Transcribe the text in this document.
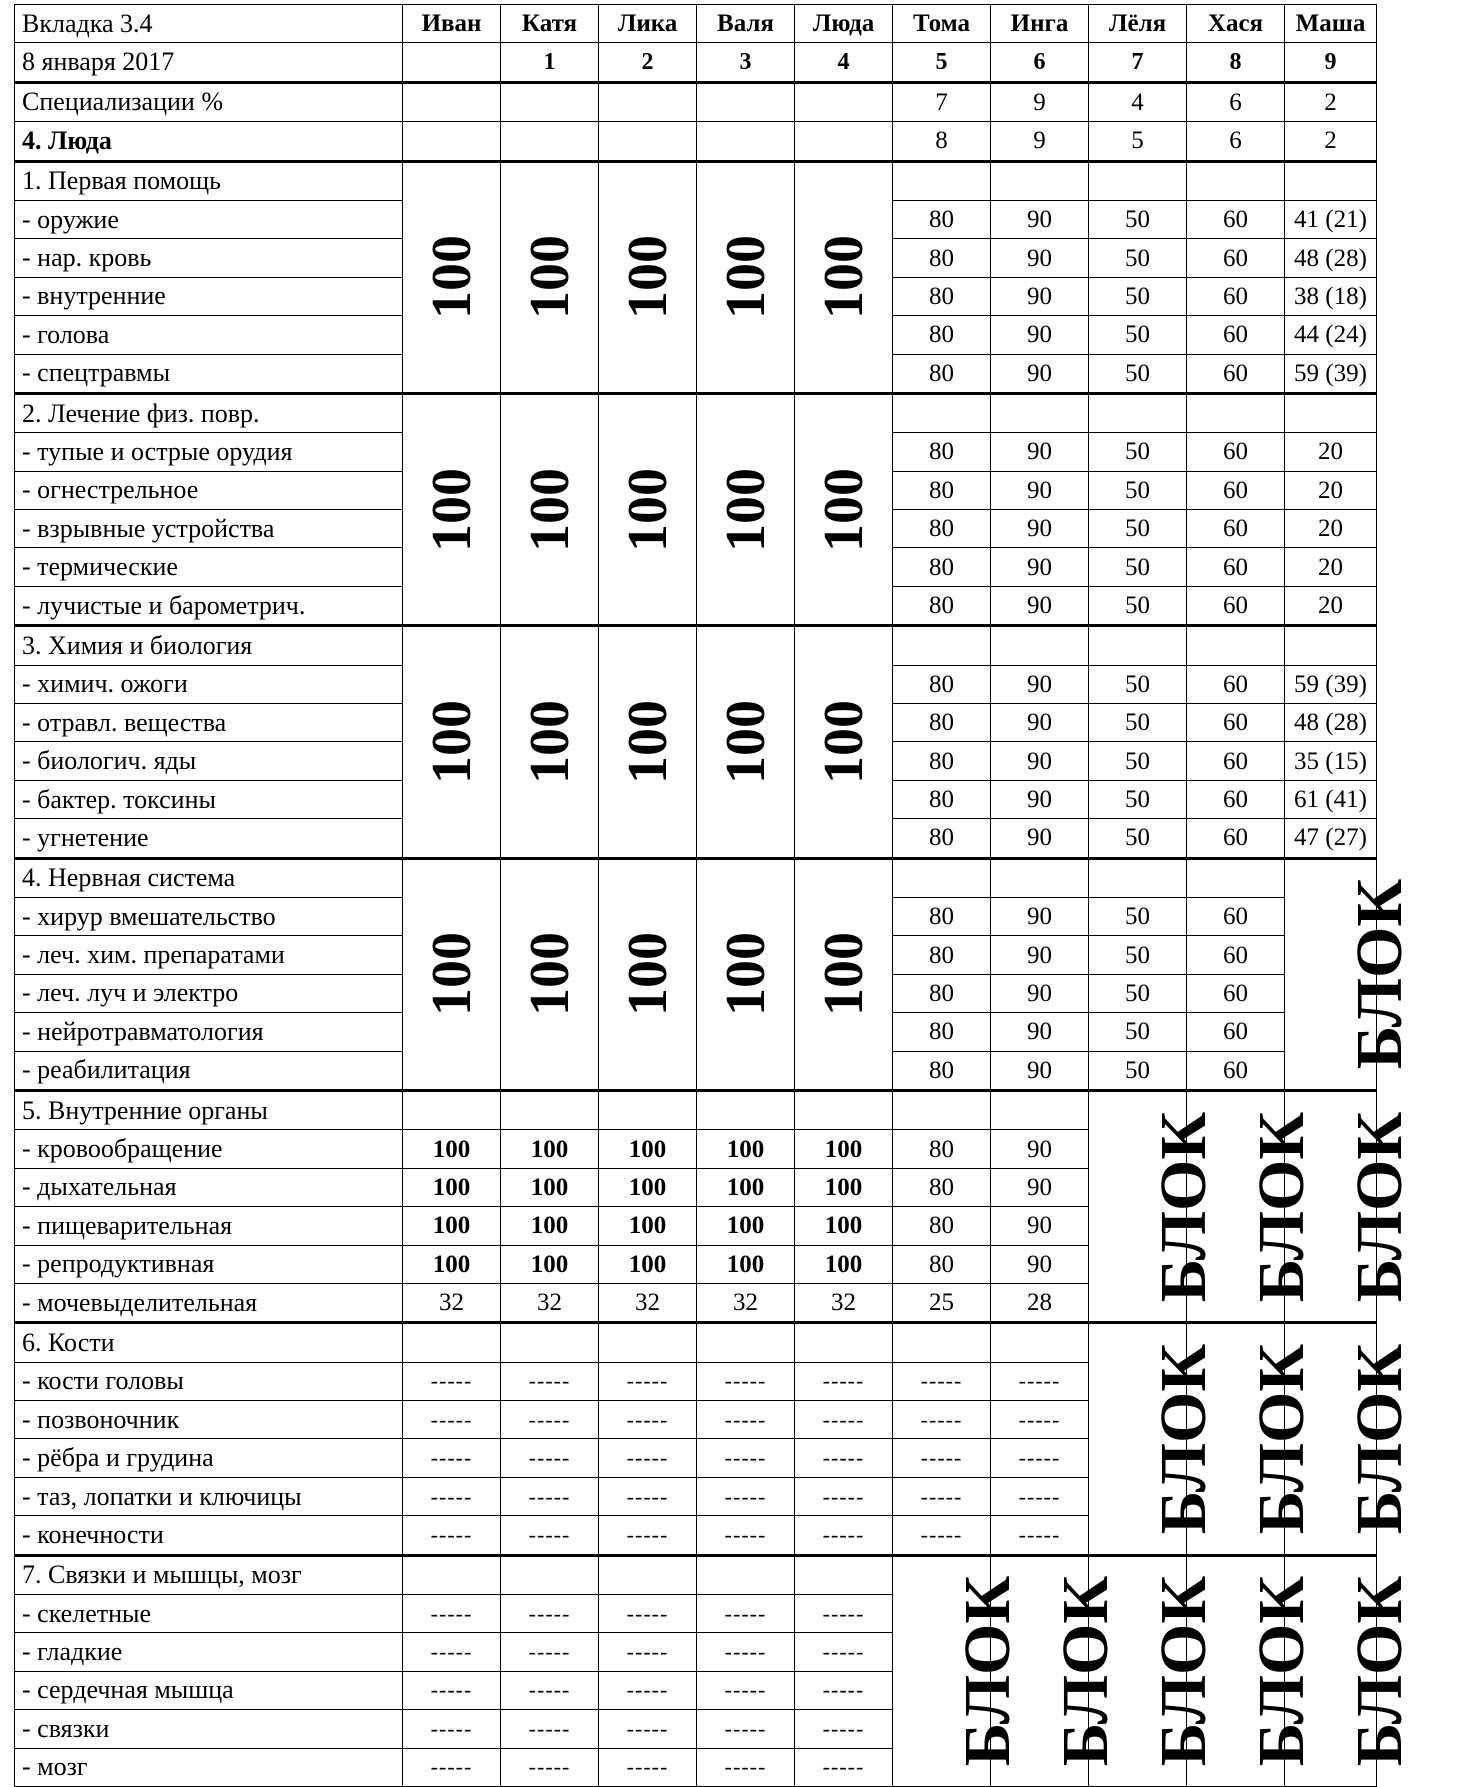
Вкладка 3.4	Иван	Катя	Лика	Валя	Люда	Тома	Инга	Лёля	Хася	Маша
8 января 2017		1	2	3	4	5	6	7	8	9
Специализации %						7	9	4	6	2
4. Люда						8	9	5	6	2
1. Первая помощь	100	100	100	100	100					
- оружие						80	90	50	60	41 (21)
- нар. кровь						80	90	50	60	48 (28)
- внутренние						80	90	50	60	38 (18)
- голова						80	90	50	60	44 (24)
- спецтравмы						80	90	50	60	59 (39)
2. Лечение физ. повр.	100	100	100	100	100					
- тупые и острые орудия						80	90	50	60	20
- огнестрельное						80	90	50	60	20
- взрывные устройства						80	90	50	60	20
- термические						80	90	50	60	20
- лучистые и барометрич.						80	90	50	60	20
3. Химия и биология	100	100	100	100	100					
- химич. ожоги						80	90	50	60	59 (39)
- отравл. вещества						80	90	50	60	48 (28)
- биологич. яды						80	90	50	60	35 (15)
- бактер. токсины						80	90	50	60	61 (41)
- угнетение						80	90	50	60	47 (27)
4. Нервная система	100	100	100	100	100					БЛОК
- хирур вмешательство						80	90	50	60	
- леч. хим. препаратами						80	90	50	60	
- леч. луч и электро						80	90	50	60	
- нейротравматология						80	90	50	60	
- реабилитация						80	90	50	60	
5. Внутренние органы								БЛОК	БЛОК	БЛОК
- кровообращение	100	100	100	100	100	80	90			
- дыхательная	100	100	100	100	100	80	90			
- пищеварительная	100	100	100	100	100	80	90			
- репродуктивная	100	100	100	100	100	80	90			
- мочевыделительная	32	32	32	32	32	25	28			
6. Кости								БЛОК	БЛОК	БЛОК
- кости головы	-----	-----	-----	-----	-----	-----	-----			
- позвоночник	-----	-----	-----	-----	-----	-----	-----			
- рёбра и грудина	-----	-----	-----	-----	-----	-----	-----			
- таз, лопатки и ключицы	-----	-----	-----	-----	-----	-----	-----			
- конечности	-----	-----	-----	-----	-----	-----	-----			
7. Связки и мышцы, мозг						БЛОК	БЛОК	БЛОК	БЛОК	БЛОК
- скелетные	-----	-----	-----	-----	-----					
- гладкие	-----	-----	-----	-----	-----					
- сердечная мышца	-----	-----	-----	-----	-----					
- связки	-----	-----	-----	-----	-----					
- мозг	-----	-----	-----	-----	-----					
